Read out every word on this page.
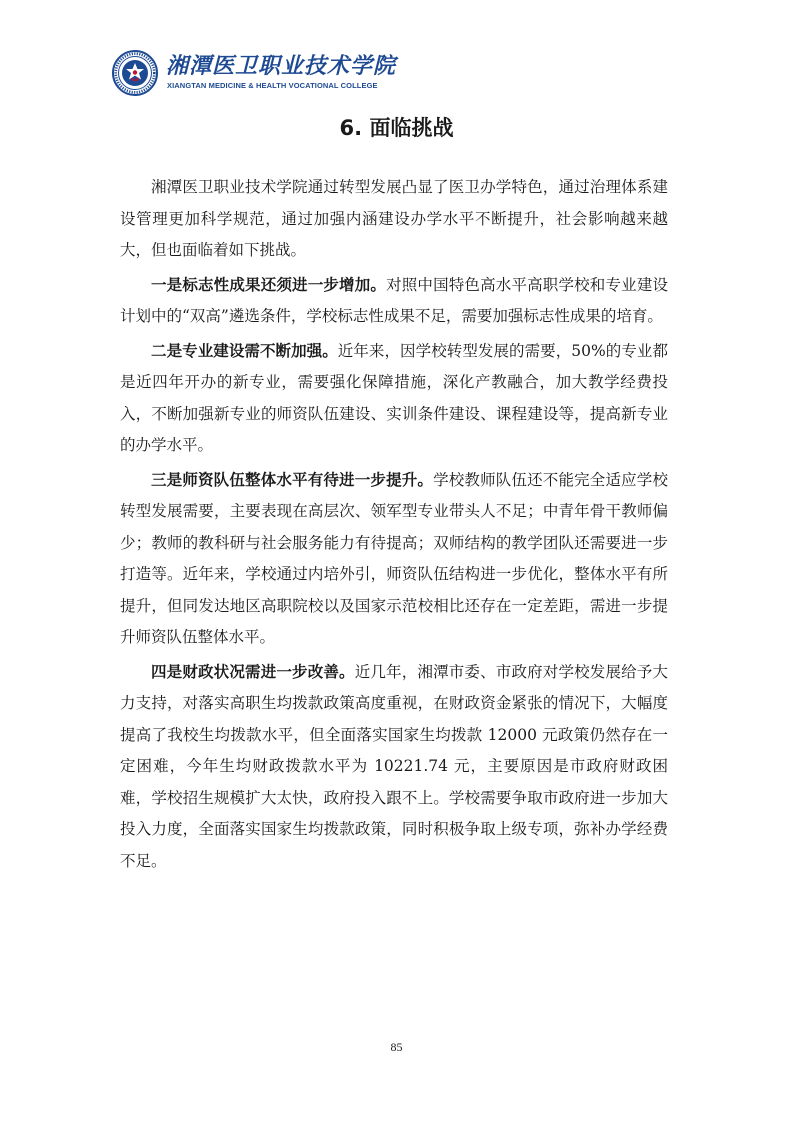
湘潭医卫职业技术学院
XIANGTAN MEDICINE & HEALTH VOCATIONAL COLLEGE
6. 面临挑战

湘潭医卫职业技术学院通过转型发展凸显了医卫办学特色，通过治理体系建设管理更加科学规范，通过加强内涵建设办学水平不断提升，社会影响越来越大，但也面临着如下挑战。

一是标志性成果还须进一步增加。对照中国特色高水平高职学校和专业建设计划中的“双高”遴选条件，学校标志性成果不足，需要加强标志性成果的培育。

二是专业建设需不断加强。近年来，因学校转型发展的需要，50%的专业都是近四年开办的新专业，需要强化保障措施，深化产教融合，加大教学经费投入，不断加强新专业的师资队伍建设、实训条件建设、课程建设等，提高新专业的办学水平。

三是师资队伍整体水平有待进一步提升。学校教师队伍还不能完全适应学校转型发展需要，主要表现在高层次、领军型专业带头人不足；中青年骨干教师偏少；教师的教科研与社会服务能力有待提高；双师结构的教学团队还需要进一步打造等。近年来，学校通过内培外引，师资队伍结构进一步优化，整体水平有所提升，但同发达地区高职院校以及国家示范校相比还存在一定差距，需进一步提升师资队伍整体水平。

四是财政状况需进一步改善。近几年，湘潭市委、市政府对学校发展给予大力支持，对落实高职生均拨款政策高度重视，在财政资金紧张的情况下，大幅度提高了我校生均拨款水平，但全面落实国家生均拨款 12000 元政策仍然存在一定困难，今年生均财政拨款水平为 10221.74 元，主要原因是市政府财政困难，学校招生规模扩大太快，政府投入跟不上。学校需要争取市政府进一步加大投入力度，全面落实国家生均拨款政策，同时积极争取上级专项，弥补办学经费不足。

85
